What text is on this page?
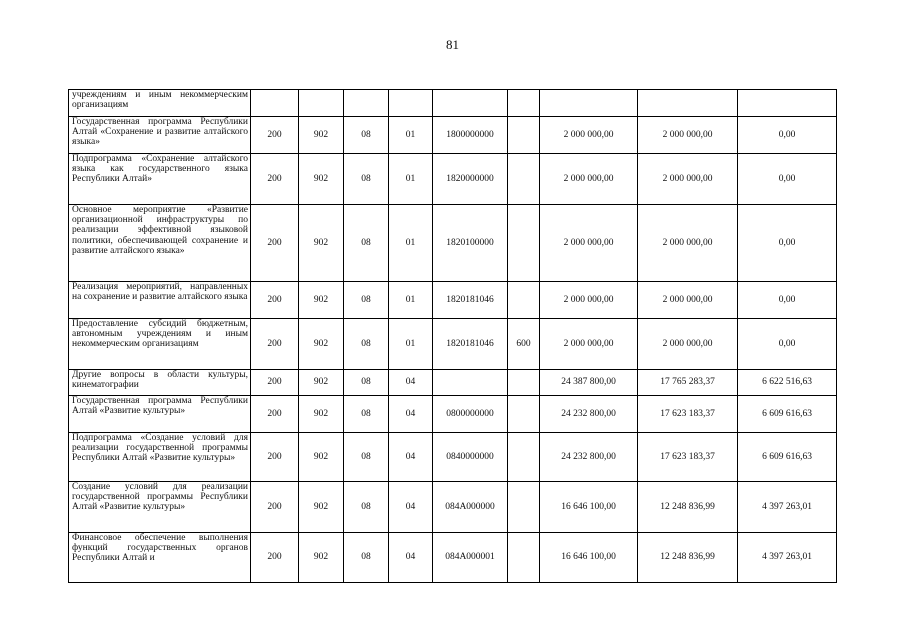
81
учреждениям и иным некоммерческим организациям									
Государственная программа Республики Алтай «Сохранение и развитие алтайского языка»	200	902	08	01	1800000000		2 000 000,00	2 000 000,00	0,00
Подпрограмма «Сохранение алтайского языка как государственного языка Республики Алтай»	200	902	08	01	1820000000		2 000 000,00	2 000 000,00	0,00
Основное мероприятие «Развитие организационной инфраструктуры по реализации эффективной языковой политики, обеспечивающей сохранение и развитие алтайского языка»	200	902	08	01	1820100000		2 000 000,00	2 000 000,00	0,00
Реализация мероприятий, направленных на сохранение и развитие алтайского языка	200	902	08	01	1820181046		2 000 000,00	2 000 000,00	0,00
Предоставление субсидий бюджетным, автономным учреждениям и иным некоммерческим организациям	200	902	08	01	1820181046	600	2 000 000,00	2 000 000,00	0,00
Другие вопросы в области культуры, кинематографии	200	902	08	04			24 387 800,00	17 765 283,37	6 622 516,63
Государственная программа Республики Алтай «Развитие культуры»	200	902	08	04	0800000000		24 232 800,00	17 623 183,37	6 609 616,63
Подпрограмма «Создание условий для реализации государственной программы Республики Алтай «Развитие культуры»	200	902	08	04	0840000000		24 232 800,00	17 623 183,37	6 609 616,63
Создание условий для реализации государственной программы Республики Алтай «Развитие культуры»	200	902	08	04	084А000000		16 646 100,00	12 248 836,99	4 397 263,01
Финансовое обеспечение выполнения функций государственных органов Республики Алтай и	200	902	08	04	084А000001		16 646 100,00	12 248 836,99	4 397 263,01
